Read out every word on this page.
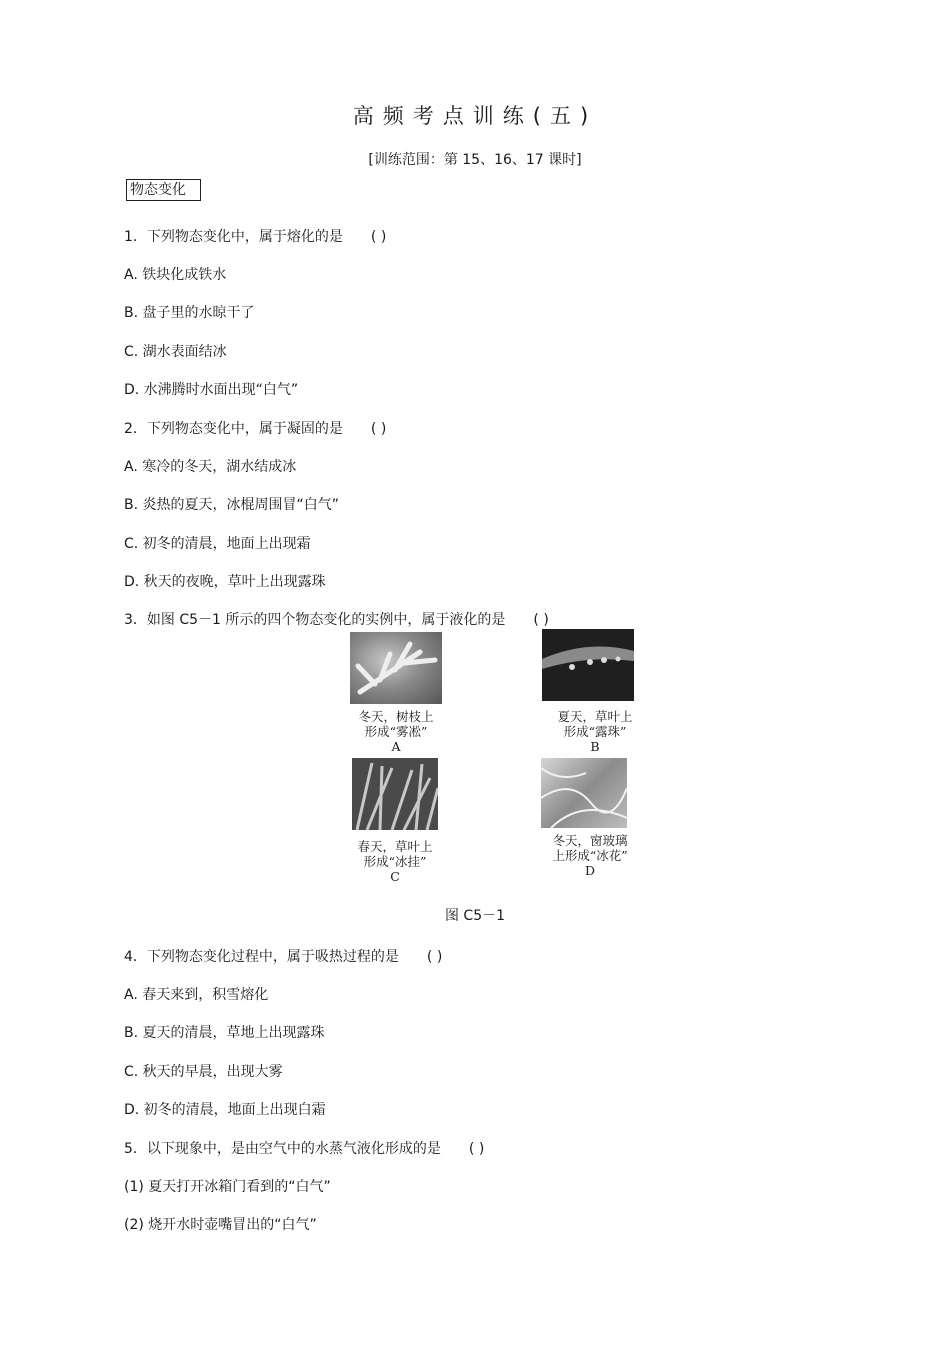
高频考点训练(五)
[训练范围：第 15、16、17 课时]
物态变化
1．下列物态变化中，属于熔化的是 ( )
A. 铁块化成铁水
B. 盘子里的水晾干了
C. 湖水表面结冰
D. 水沸腾时水面出现“白气”
2．下列物态变化中，属于凝固的是 ( )
A. 寒冷的冬天，湖水结成冰
B. 炎热的夏天，冰棍周围冒“白气”
C. 初冬的清晨，地面上出现霜
D. 秋天的夜晚，草叶上出现露珠
3．如图 C5－1 所示的四个物态变化的实例中，属于液化的是 ( )
冬天，树枝上
形成“雾凇”
A
夏天，草叶上
形成“露珠”
B
春天，草叶上
形成“冰挂”
C
冬天，窗玻璃
上形成“冰花”
D
图 C5－1
4．下列物态变化过程中，属于吸热过程的是 ( )
A. 春天来到，积雪熔化
B. 夏天的清晨，草地上出现露珠
C. 秋天的早晨，出现大雾
D. 初冬的清晨，地面上出现白霜
5．以下现象中，是由空气中的水蒸气液化形成的是 ( )
(1) 夏天打开冰箱门看到的“白气”
(2) 烧开水时壶嘴冒出的“白气”
